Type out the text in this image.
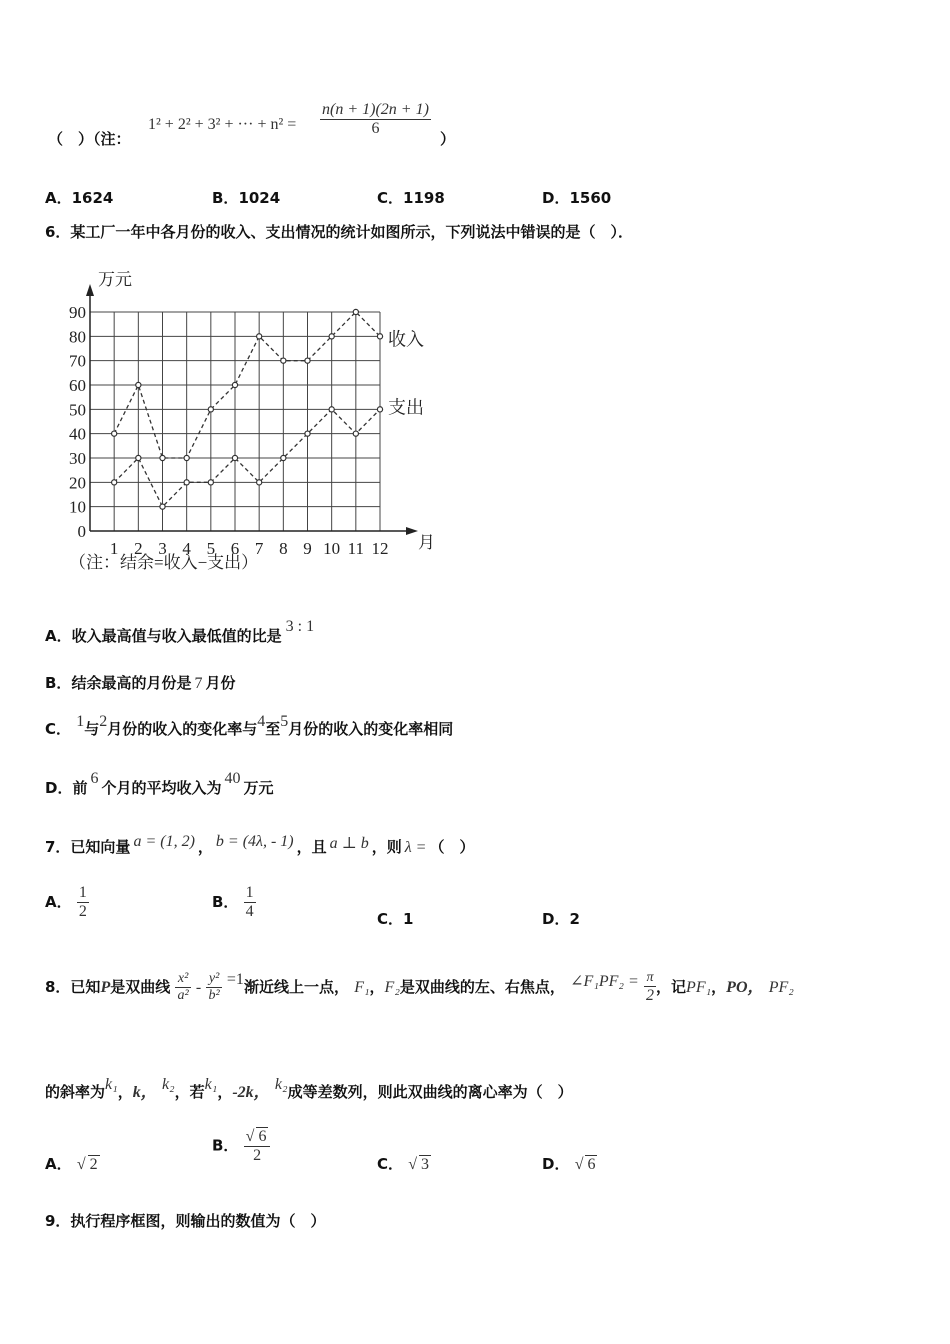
（　）（注：
1² + 2² + 3² + ··· + $n^2 = \frac{n(n + 1)(2n + 1)}{6}$
）
A．1624	B．1024	C．1198	D．1560
6．某工厂一年中各月份的收入、支出情况的统计如图所示，下列说法中错误的是（　）．
0
10
20
30
40
50
60
70
80
90
1 2 3 4 5 6 7 8 9 10 11 12
万元
月
收入
支出
（注：结余=收入−支出）
A．收入最高值与收入最低值的比是3 : 1
B．结余最高的月份是 7 月份
C． 1与2月份的收入的变化率与4至5月份的收入的变化率相同
D．前6个月的平均收入为40万元
7．已知向量 a = (1, 2) ， b = (4λ, - 1) ，且 a ⊥ b ，则 λ = （　）
A． $\frac{1}{2}$	B． $\frac{1}{4}$	C．1	D．2
8．已知P是双曲线 $\frac{\text{x²}}{\text{a²}} - \frac{\text{y²}}{\text{b²}} =1$渐近线上一点， F₁，F₂是双曲线的左、右焦点， ∠F₁PF₂ = $\frac{\pi}{2}$ ，记PF₁，PO， PF₂
的斜率为k₁，k， k₂，若k₁，-2k， k₂成等差数列，则此双曲线的离心率为（　）
A． √ 2
B． $\frac{√ 6}{2}$	C． √ 3	D． √ 6
9．执行程序框图，则输出的数值为（　）
